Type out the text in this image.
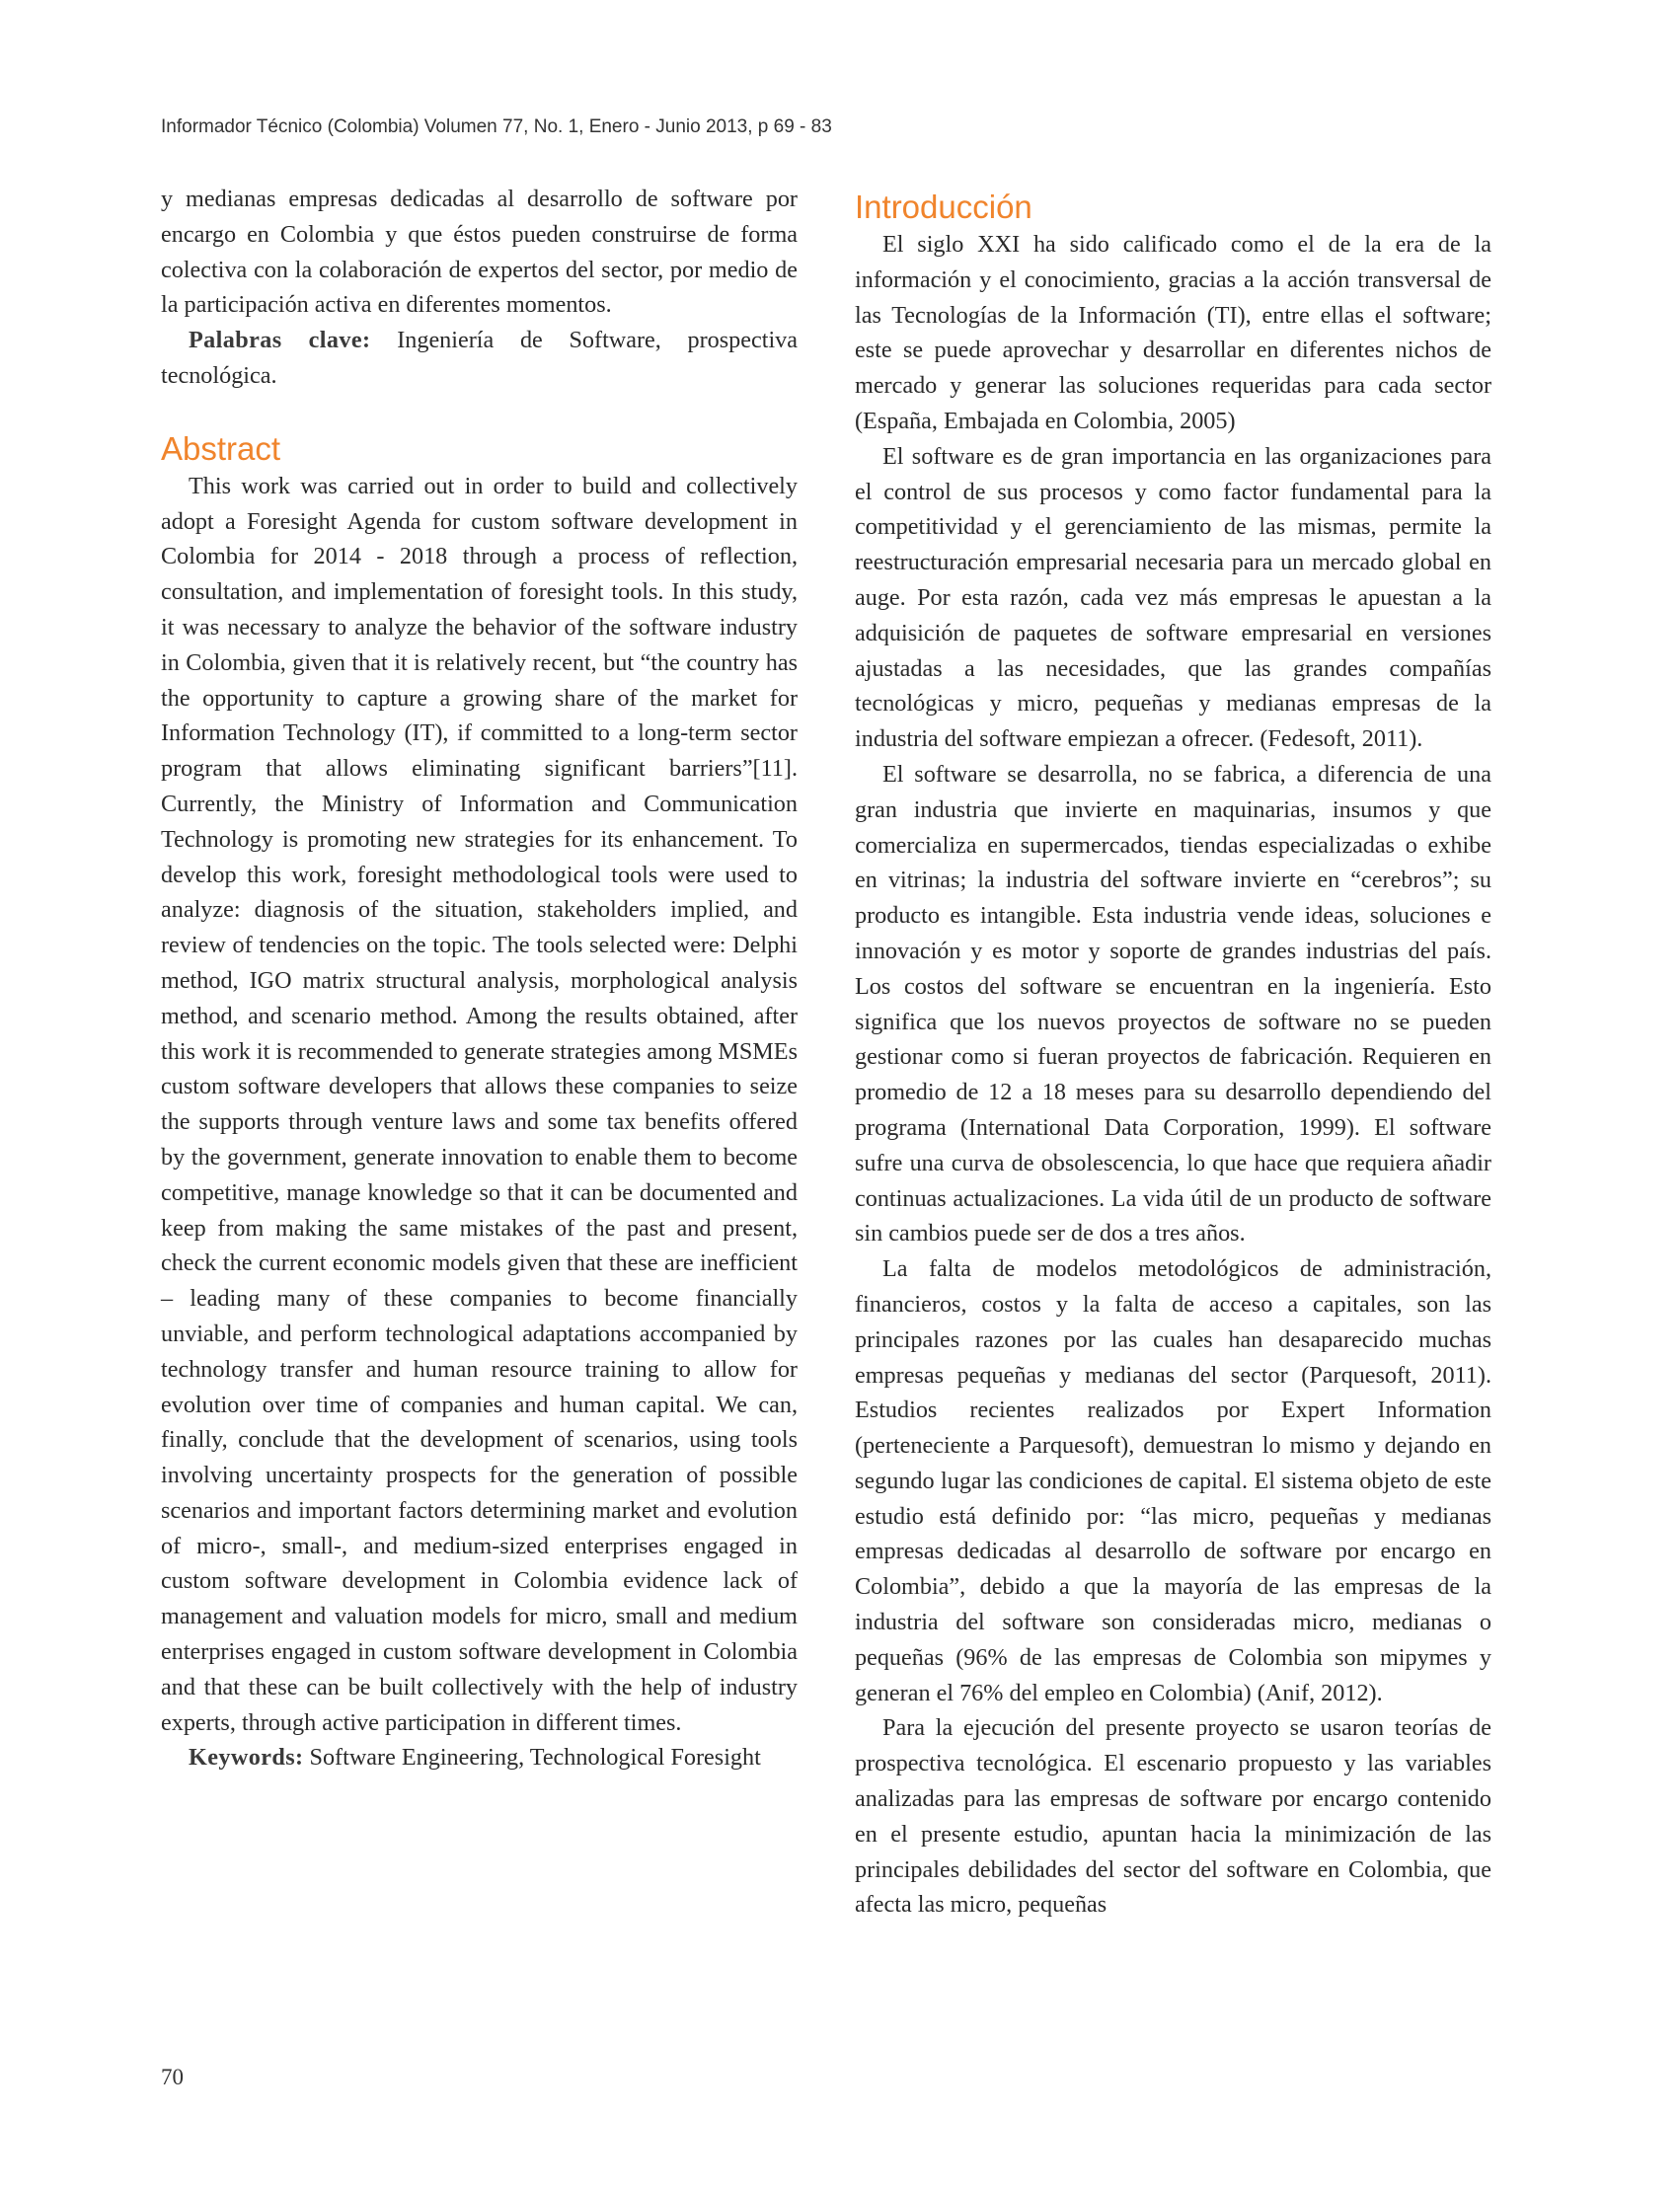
Informador Técnico (Colombia) Volumen 77, No. 1, Enero - Junio 2013, p 69 - 83

y medianas empresas dedicadas al desarrollo de software por encargo en Colombia y que éstos pueden construirse de forma colectiva con la colaboración de expertos del sector, por medio de la participación activa en diferentes momentos.

Palabras clave: Ingeniería de Software, prospectiva tecnológica.

Abstract

This work was carried out in order to build and collectively adopt a Foresight Agenda for custom software development in Colombia for 2014 - 2018 through a process of reflection, consultation, and implementation of foresight tools. In this study, it was necessary to analyze the behavior of the software industry in Colombia, given that it is relatively recent, but “the country has the opportunity to capture a growing share of the market for Information Technology (IT), if committed to a long-term sector program that allows eliminating significant barriers”[11]. Currently, the Ministry of Information and Communication Technology is promoting new strategies for its enhancement. To develop this work, foresight methodological tools were used to analyze: diagnosis of the situation, stakeholders implied, and review of tendencies on the topic. The tools selected were: Delphi method, IGO matrix structural analysis, morphological analysis method, and scenario method. Among the results obtained, after this work it is recommended to generate strategies among MSMEs custom software developers that allows these companies to seize the supports through venture laws and some tax benefits offered by the government, generate innovation to enable them to become competitive, manage knowledge so that it can be documented and keep from making the same mistakes of the past and present, check the current economic models given that these are inefficient – leading many of these companies to become financially unviable, and perform technological adaptations accompanied by technology transfer and human resource training to allow for evolution over time of companies and human capital. We can, finally, conclude that the development of scenarios, using tools involving uncertainty prospects for the generation of possible scenarios and important factors determining market and evolution of micro-, small-, and medium-sized enterprises engaged in custom software development in Colombia evidence lack of management and valuation models for micro, small and medium enterprises engaged in custom software development in Colombia and that these can be built collectively with the help of industry experts, through active participation in different times.

Keywords: Software Engineering, Technological Foresight

Introducción

El siglo XXI ha sido calificado como el de la era de la información y el conocimiento, gracias a la acción transversal de las Tecnologías de la Información (TI), entre ellas el software; este se puede aprovechar y desarrollar en diferentes nichos de mercado y generar las soluciones requeridas para cada sector (España, Embajada en Colombia, 2005)

El software es de gran importancia en las organizaciones para el control de sus procesos y como factor fundamental para la competitividad y el gerenciamiento de las mismas, permite la reestructuración empresarial necesaria para un mercado global en auge. Por esta razón, cada vez más empresas le apuestan a la adquisición de paquetes de software empresarial en versiones ajustadas a las necesidades, que las grandes compañías tecnológicas y micro, pequeñas y medianas empresas de la industria del software empiezan a ofrecer. (Fedesoft, 2011).

El software se desarrolla, no se fabrica, a diferencia de una gran industria que invierte en maquinarias, insumos y que comercializa en supermercados, tiendas especializadas o exhibe en vitrinas; la industria del software invierte en “cerebros”; su producto es intangible. Esta industria vende ideas, soluciones e innovación y es motor y soporte de grandes industrias del país. Los costos del software se encuentran en la ingeniería. Esto significa que los nuevos proyectos de software no se pueden gestionar como si fueran proyectos de fabricación. Requieren en promedio de 12 a 18 meses para su desarrollo dependiendo del programa (International Data Corporation, 1999). El software sufre una curva de obsolescencia, lo que hace que requiera añadir continuas actualizaciones. La vida útil de un producto de software sin cambios puede ser de dos a tres años.

La falta de modelos metodológicos de administración, financieros, costos y la falta de acceso a capitales, son las principales razones por las cuales han desaparecido muchas empresas pequeñas y medianas del sector (Parquesoft, 2011). Estudios recientes realizados por Expert Information (perteneciente a Parquesoft), demuestran lo mismo y dejando en segundo lugar las condiciones de capital. El sistema objeto de este estudio está definido por: “las micro, pequeñas y medianas empresas dedicadas al desarrollo de software por encargo en Colombia”, debido a que la mayoría de las empresas de la industria del software son consideradas micro, medianas o pequeñas (96% de las empresas de Colombia son mipymes y generan el 76% del empleo en Colombia) (Anif, 2012).

Para la ejecución del presente proyecto se usaron teorías de prospectiva tecnológica. El escenario propuesto y las variables analizadas para las empresas de software por encargo contenido en el presente estudio, apuntan hacia la minimización de las principales debilidades del sector del software en Colombia, que afecta las micro, pequeñas

70
